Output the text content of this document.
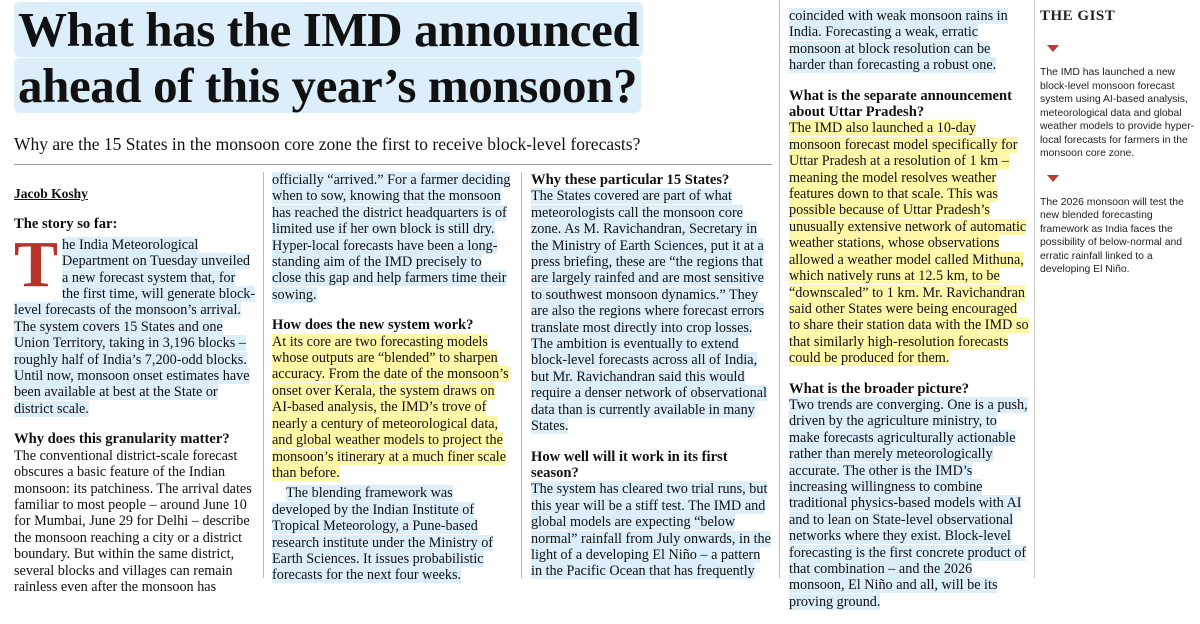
What has the IMD announced
ahead of this year’s monsoon?
Why are the 15 States in the monsoon core zone the first to receive block-level forecasts?
Jacob Koshy
The story so far:
T he India Meteorological Department on Tuesday unveiled a new forecast system that, for the first time, will generate block-level forecasts of the monsoon’s arrival. The system covers 15 States and one Union Territory, taking in 3,196 blocks – roughly half of India’s 7,200-odd blocks. Until now, monsoon onset estimates have been available at best at the State or district scale.
Why does this granularity matter?
The conventional district-scale forecast obscures a basic feature of the Indian monsoon: its patchiness. The arrival dates familiar to most people – around June 10 for Mumbai, June 29 for Delhi – describe the monsoon reaching a city or a district boundary. But within the same district, several blocks and villages can remain rainless even after the monsoon has
officially “arrived.” For a farmer deciding when to sow, knowing that the monsoon has reached the district headquarters is of limited use if her own block is still dry. Hyper-local forecasts have been a long-standing aim of the IMD precisely to close this gap and help farmers time their sowing.
How does the new system work?
At its core are two forecasting models whose outputs are “blended” to sharpen accuracy. From the date of the monsoon’s onset over Kerala, the system draws on AI-based analysis, the IMD’s trove of nearly a century of meteorological data, and global weather models to project the monsoon’s itinerary at a much finer scale than before.
The blending framework was developed by the Indian Institute of Tropical Meteorology, a Pune-based research institute under the Ministry of Earth Sciences. It issues probabilistic forecasts for the next four weeks.
Why these particular 15 States?
The States covered are part of what meteorologists call the monsoon core zone. As M. Ravichandran, Secretary in the Ministry of Earth Sciences, put it at a press briefing, these are “the regions that are largely rainfed and are most sensitive to southwest monsoon dynamics.” They are also the regions where forecast errors translate most directly into crop losses. The ambition is eventually to extend block-level forecasts across all of India, but Mr. Ravichandran said this would require a denser network of observational data than is currently available in many States.
How well will it work in its first season?
The system has cleared two trial runs, but this year will be a stiff test. The IMD and global models are expecting “below normal” rainfall from July onwards, in the light of a developing El Niño – a pattern in the Pacific Ocean that has frequently
coincided with weak monsoon rains in India. Forecasting a weak, erratic monsoon at block resolution can be harder than forecasting a robust one.
What is the separate announcement about Uttar Pradesh?
The IMD also launched a 10-day monsoon forecast model specifically for Uttar Pradesh at a resolution of 1 km – meaning the model resolves weather features down to that scale. This was possible because of Uttar Pradesh’s unusually extensive network of automatic weather stations, whose observations allowed a weather model called Mithuna, which natively runs at 12.5 km, to be “downscaled” to 1 km. Mr. Ravichandran said other States were being encouraged to share their station data with the IMD so that similarly high-resolution forecasts could be produced for them.
What is the broader picture?
Two trends are converging. One is a push, driven by the agriculture ministry, to make forecasts agriculturally actionable rather than merely meteorologically accurate. The other is the IMD’s increasing willingness to combine traditional physics-based models with AI and to lean on State-level observational networks where they exist. Block-level forecasting is the first concrete product of that combination – and the 2026 monsoon, El Niño and all, will be its proving ground.
THE GIST
The IMD has launched a new block-level monsoon forecast system using AI-based analysis, meteorological data and global weather models to provide hyper-local forecasts for farmers in the monsoon core zone.
The 2026 monsoon will test the new blended forecasting framework as India faces the possibility of below-normal and erratic rainfall linked to a developing El Niño.
